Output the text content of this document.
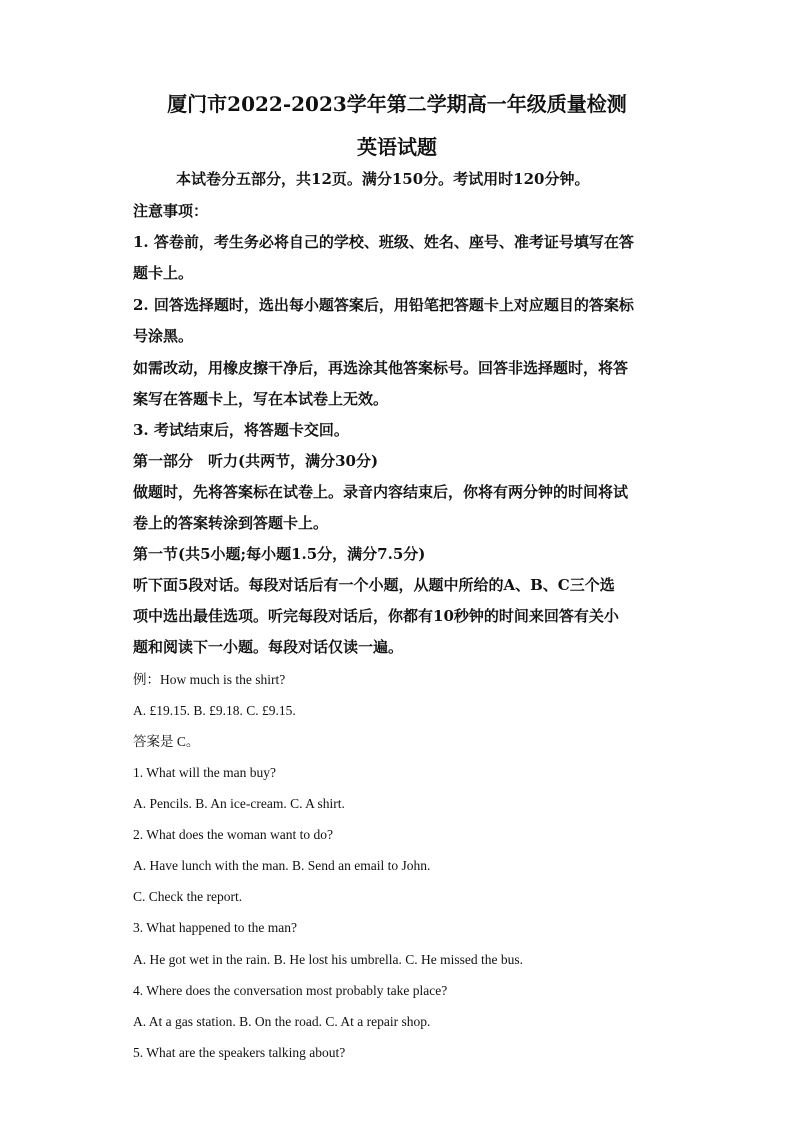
厦门市2022-2023学年第二学期高一年级质量检测
英语试题
本试卷分五部分，共12页。满分150分。考试用时120分钟。
注意事项：
1. 答卷前，考生务必将自己的学校、班级、姓名、座号、准考证号填写在答
题卡上。
2. 回答选择题时，选出每小题答案后，用铅笔把答题卡上对应题目的答案标
号涂黑。
如需改动，用橡皮擦干净后，再选涂其他答案标号。回答非选择题时，将答
案写在答题卡上，写在本试卷上无效。
3. 考试结束后，将答题卡交回。
第一部分　听力(共两节，满分30分)
做题时，先将答案标在试卷上。录音内容结束后，你将有两分钟的时间将试
卷上的答案转涂到答题卡上。
第一节(共5小题;每小题1.5分，满分7.5分)
听下面5段对话。每段对话后有一个小题，从题中所给的A、B、C三个选
项中选出最佳选项。听完每段对话后，你都有10秒钟的时间来回答有关小
题和阅读下一小题。每段对话仅读一遍。
例：How much is the shirt?
A. £19.15. B. £9.18. C. £9.15.
答案是 C。
1. What will the man buy?
A. Pencils. B. An ice-cream. C. A shirt.
2. What does the woman want to do?
A. Have lunch with the man. B. Send an email to John.
C. Check the report.
3. What happened to the man?
A. He got wet in the rain. B. He lost his umbrella. C. He missed the bus.
4. Where does the conversation most probably take place?
A. At a gas station. B. On the road. C. At a repair shop.
5. What are the speakers talking about?
